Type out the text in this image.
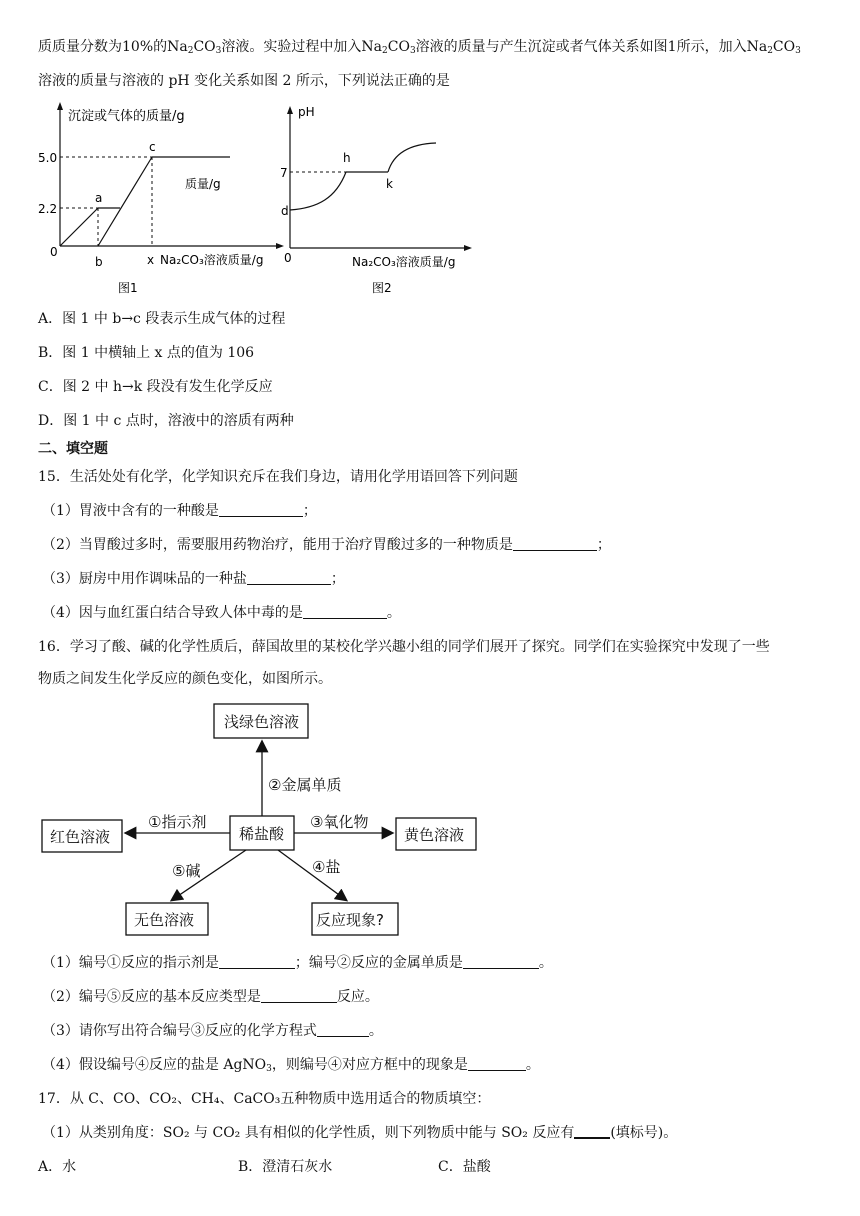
质质量分数为10%的$Na_2CO_3$溶液。实验过程中加入$Na_2CO_3$溶液的质量与产生沉淀或者气体关系如图1所示，加入$Na_2CO_3$
溶液的质量与溶液的 pH 变化关系如图 2 所示，下列说法正确的是
沉淀或气体的质量/g
5.0
2.2
0
a
b
c
x Na₂CO₃溶液质量/g
质量/g
图1
pH
7
d
h
k
0	Na₂CO₃溶液质量/g
图2
A．图 1 中 b→c 段表示生成气体的过程
B．图 1 中横轴上 x 点的值为 106
C．图 2 中 h→k 段没有发生化学反应
D．图 1 中 c 点时，溶液中的溶质有两种
二、填空题
15．生活处处有化学，化学知识充斥在我们身边，请用化学用语回答下列问题
（1）胃液中含有的一种酸是	；
（2）当胃酸过多时，需要服用药物治疗，能用于治疗胃酸过多的一种物质是	；
（3）厨房中用作调味品的一种盐	；
（4）因与血红蛋白结合导致人体中毒的是	。
16．学习了酸、碱的化学性质后，薛国故里的某校化学兴趣小组的同学们展开了探究。同学们在实验探究中发现了一些
物质之间发生化学反应的颜色变化，如图所示。
浅绿色溶液
稀盐酸
红色溶液	黄色溶液
无色溶液	反应现象?
②金属单质
①指示剂	③氧化物
⑤碱	④盐
（1）编号①反应的指示剂是	；编号②反应的金属单质是	。
（2）编号⑤反应的基本反应类型是	反应。
（3）请你写出符合编号③反应的化学方程式	。
（4）假设编号④反应的盐是 AgNO$_3$，则编号④对应方框中的现象是	。
17．从 C、CO、CO₂、CH₄、CaCO₃五种物质中选用适合的物质填空：
（1）从类别角度：SO₂ 与 CO₂ 具有相似的化学性质，则下列物质中能与 SO₂ 反应有	(填标号)。
A．水	B．澄清石灰水	C．盐酸
